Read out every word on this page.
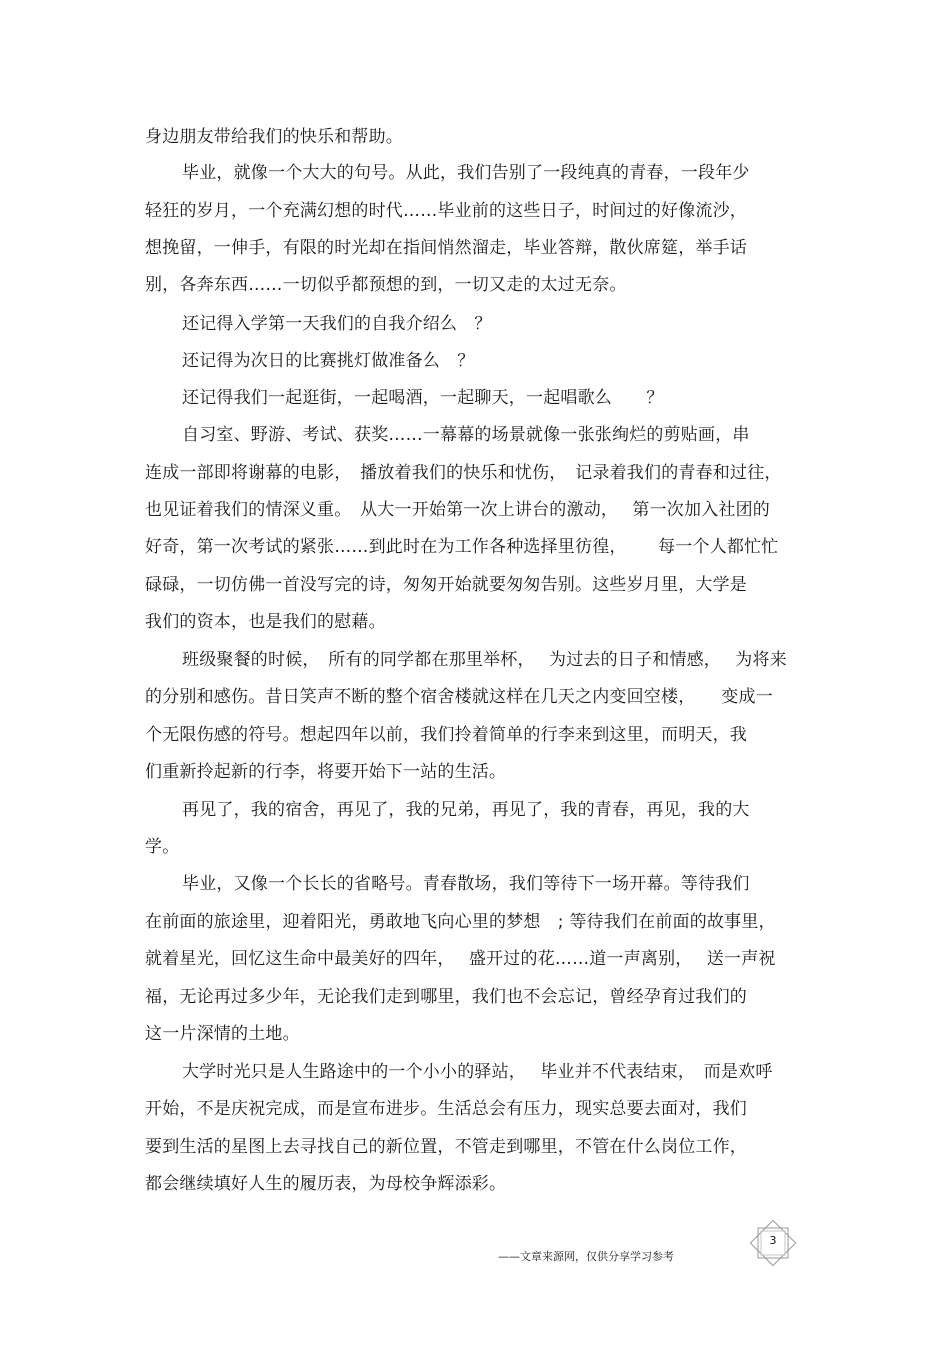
身边朋友带给我们的快乐和帮助。
毕业，就像一个大大的句号。从此，我们告别了一段纯真的青春，一段年少
轻狂的岁月，一个充满幻想的时代……毕业前的这些日子，时间过的好像流沙，
想挽留，一伸手，有限的时光却在指间悄然溜走，毕业答辩，散伙席筵，举手话
别，各奔东西……一切似乎都预想的到，一切又走的太过无奈。
还记得入学第一天我们的自我介绍么　？
还记得为次日的比赛挑灯做准备么　？
还记得我们一起逛街，一起喝酒，一起聊天，一起唱歌么　　？
自习室、野游、考试、获奖……一幕幕的场景就像一张张绚烂的剪贴画，串
连成一部即将谢幕的电影，　播放着我们的快乐和忧伤，　记录着我们的青春和过往，
也见证着我们的情深义重。　从大一开始第一次上讲台的激动，　 第一次加入社团的
好奇，第一次考试的紧张……到此时在为工作各种选择里彷徨，　　 每一个人都忙忙
碌碌，一切仿佛一首没写完的诗，匆匆开始就要匆匆告别。这些岁月里，大学是
我们的资本，也是我们的慰藉。
班级聚餐的时候，　所有的同学都在那里举杯，　 为过去的日子和情感，　 为将来
的分别和感伤。昔日笑声不断的整个宿舍楼就这样在几天之内变回空楼，　　变成一
个无限伤感的符号。想起四年以前，我们拎着简单的行李来到这里，而明天，我
们重新拎起新的行李，将要开始下一站的生活。
再见了，我的宿舍，再见了，我的兄弟，再见了，我的青春，再见，我的大
学。
毕业，又像一个长长的省略号。青春散场，我们等待下一场开幕。等待我们
在前面的旅途里，迎着阳光，勇敢地飞向心里的梦想　; 等待我们在前面的故事里，
就着星光，回忆这生命中最美好的四年，　 盛开过的花……道一声离别，　 送一声祝
福，无论再过多少年，无论我们走到哪里，我们也不会忘记，曾经孕育过我们的
这一片深情的土地。
大学时光只是人生路途中的一个小小的驿站，　 毕业并不代表结束，　而是欢呼
开始，不是庆祝完成，而是宣布进步。生活总会有压力，现实总要去面对，我们
要到生活的星图上去寻找自己的新位置，不管走到哪里，不管在什么岗位工作，
都会继续填好人生的履历表，为母校争辉添彩。
——文章来源网，仅供分享学习参考
3
